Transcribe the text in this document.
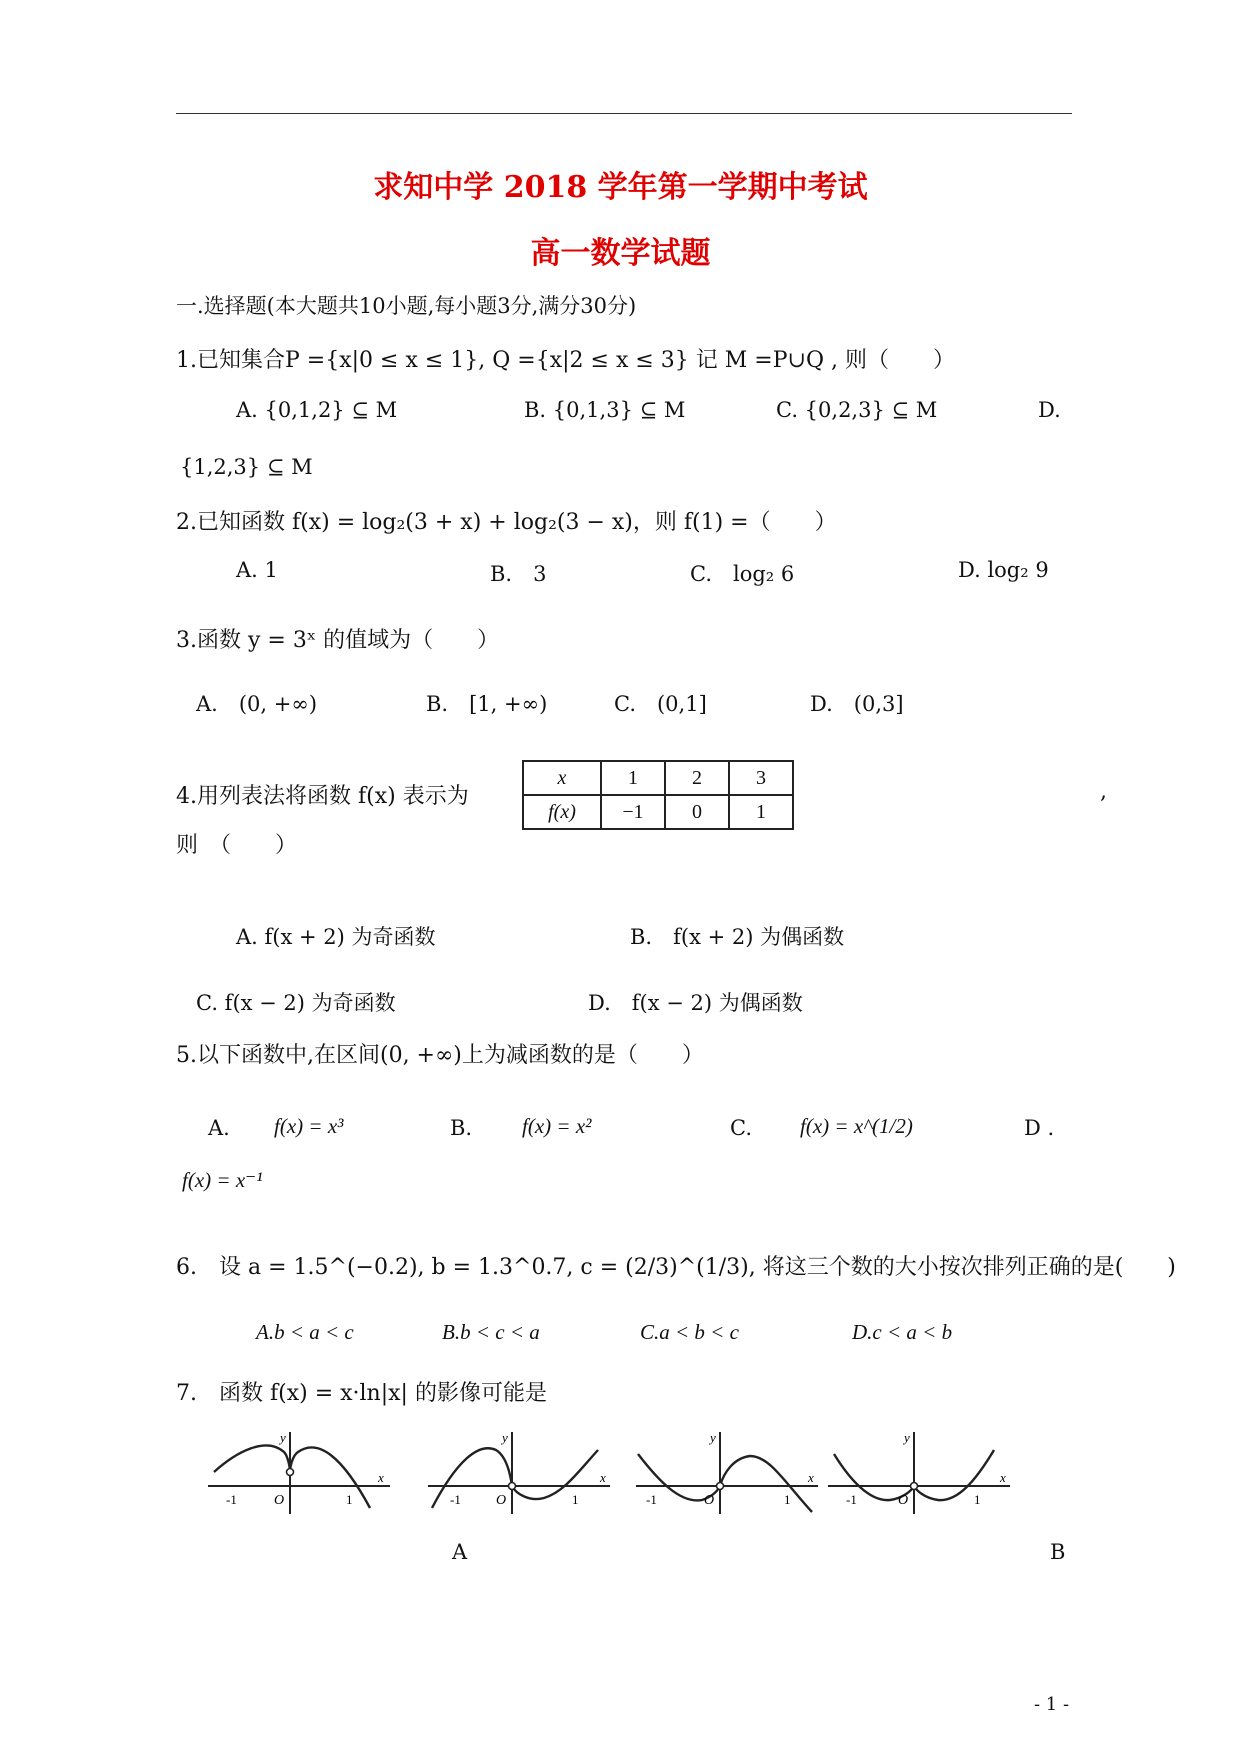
求知中学 2018 学年第一学期中考试
高一数学试题
一.选择题(本大题共10小题,每小题3分,满分30分)
1.已知集合P ={x|0 ≤ x ≤ 1}, Q ={x|2 ≤ x ≤ 3} 记 M =P∪Q , 则（　　）
A. {0,1,2} ⊆ M	B. {0,1,3} ⊆ M	C. {0,2,3} ⊆ M	D.
{1,2,3} ⊆ M
2.已知函数 f(x) = log₂(3 + x) + log₂(3 − x)，则 f(1) =（　　）
A. 1	B.　3	C.　log₂ 6	D. log₂ 9
3.函数 y = 3ˣ 的值域为（　　）
A.　(0, +∞)	B.　[1, +∞)	C.　(0,1]	D.　(0,3]
4.用列表法将函数 f(x) 表示为
x	1	2	3
f(x)	−1	0	1
,
则　（　　）
A. f(x + 2) 为奇函数	B.　f(x + 2) 为偶函数
C. f(x − 2) 为奇函数	D.　f(x − 2) 为偶函数
5.以下函数中,在区间(0, +∞)上为减函数的是（　　）
A. f(x) = x³	B. f(x) = x²	C. f(x) = x^(1/2)	D .
f(x) = x⁻¹
6.　设 a = 1.5^(−0.2), b = 1.3^0.7, c = (2/3)^(1/3), 将这三个数的大小按次排列正确的是(　　)
A.b < a < c	B.b < c < a	C.a < b < c	D.c < a < b
7.　函数 f(x) = x·ln|x| 的影像可能是
y
x
O
-1	1
y
x
O
-1	1
y
x
O
-1	1
y
x
O
-1	1
A	B
- 1 -
